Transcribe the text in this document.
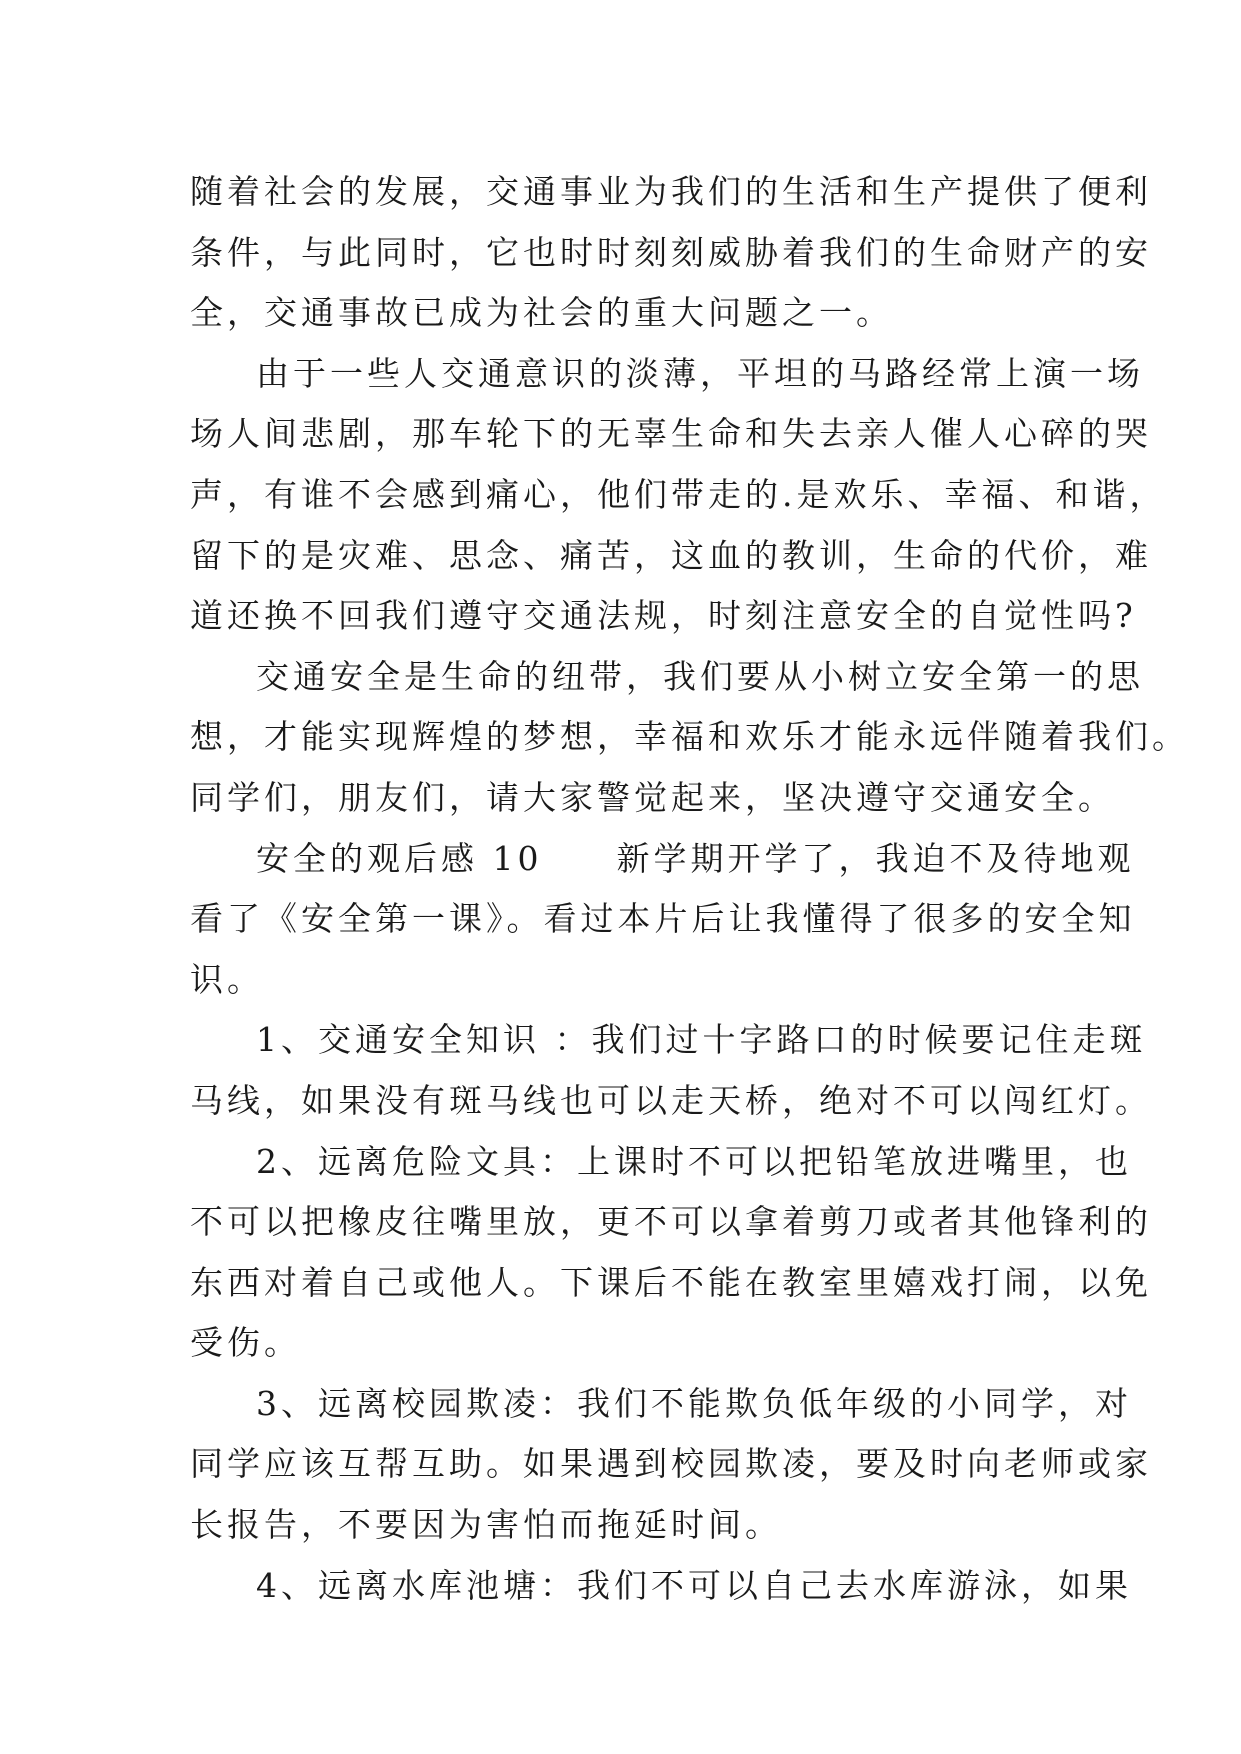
随着社会的发展，交通事业为我们的生活和生产提供了便利
条件，与此同时，它也时时刻刻威胁着我们的生命财产的安
全，交通事故已成为社会的重大问题之一。
由于一些人交通意识的淡薄，平坦的马路经常上演一场
场人间悲剧，那车轮下的无辜生命和失去亲人催人心碎的哭
声，有谁不会感到痛心，他们带走的.是欢乐、幸福、和谐，
留下的是灾难、思念、痛苦，这血的教训，生命的代价，难
道还换不回我们遵守交通法规，时刻注意安全的自觉性吗?
交通安全是生命的纽带，我们要从小树立安全第一的思
想，才能实现辉煌的梦想，幸福和欢乐才能永远伴随着我们。
同学们，朋友们，请大家警觉起来，坚决遵守交通安全。
安全的观后感 10　　新学期开学了，我迫不及待地观
看了《安全第一课》。看过本片后让我懂得了很多的安全知
识。
1、交通安全知识 ：我们过十字路口的时候要记住走斑
马线，如果没有斑马线也可以走天桥，绝对不可以闯红灯。
2、远离危险文具：上课时不可以把铅笔放进嘴里，也
不可以把橡皮往嘴里放，更不可以拿着剪刀或者其他锋利的
东西对着自己或他人。下课后不能在教室里嬉戏打闹，以免
受伤。
3、远离校园欺凌：我们不能欺负低年级的小同学，对
同学应该互帮互助。如果遇到校园欺凌，要及时向老师或家
长报告，不要因为害怕而拖延时间。
4、远离水库池塘：我们不可以自己去水库游泳，如果
